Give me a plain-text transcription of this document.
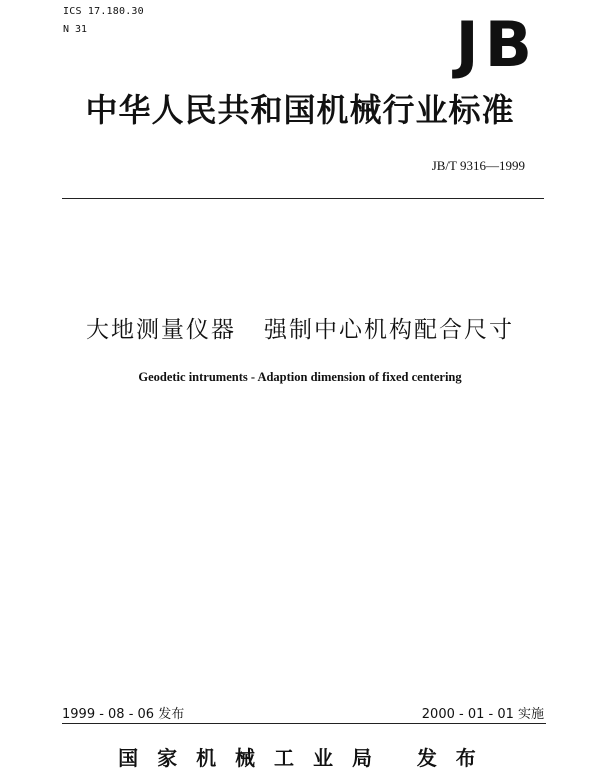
ICS 17.180.30
N 31	JB
中华人民共和国机械行业标准
JB/T 9316—1999
大地测量仪器   强制中心机构配合尺寸
Geodetic intruments - Adaption dimension of fixed centering
1999 - 08 - 06 发布	2000 - 01 - 01 实施
国 家 机 械 工 业 局   发 布
